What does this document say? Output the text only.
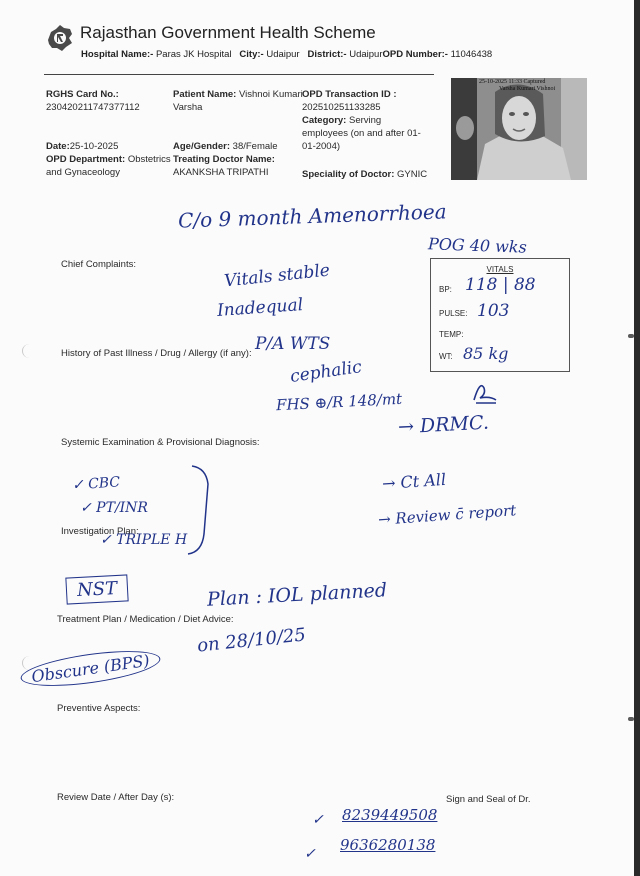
Rajasthan Government Health Scheme
Hospital Name:- Paras JK Hospital City:- Udaipur District:- UdaipurOPD Number:- 11046438
RGHS Card No.:
230420211747377112
Patient Name: Vishnoi Kumari
Varsha
OPD Transaction ID :
202510251133285
Category: Serving
employees (on and after 01-
01-2004)
Date:25-10-2025
OPD Department: Obstetrics
and Gynaceology
Age/Gender: 38/Female
Treating Doctor Name:
AKANKSHA TRIPATHI	Speciality of Doctor: GYNIC
25-10-2025 11:33 Captured
Varsha Kumari Vishnoi
Chief Complaints:
History of Past Illness / Drug / Allergy (if any):
Systemic Examination & Provisional Diagnosis:
Investigation Plan:
Treatment Plan / Medication / Diet Advice:
Preventive Aspects:
Review Date / After Day (s):	Sign and Seal of Dr.
VITALS
BP: 118 | 88
PULSE: 103
TEMP:
WT: 85 kg
C/o 9 month Amenorrhoea
POG 40 wks
Vitals stable
Inadequal
P/A WTS
cephalic
FHS ⊕/R 148/mt
→ DRMC.
✓ CBC
✓ PT/INR
✓ TRIPLE H
NST
→ Ct All
→ Review c̄ report
Plan : IOL planned
on 28/10/25
Obscure (BPS)
✓ 8239449508
✓ 9636280138
